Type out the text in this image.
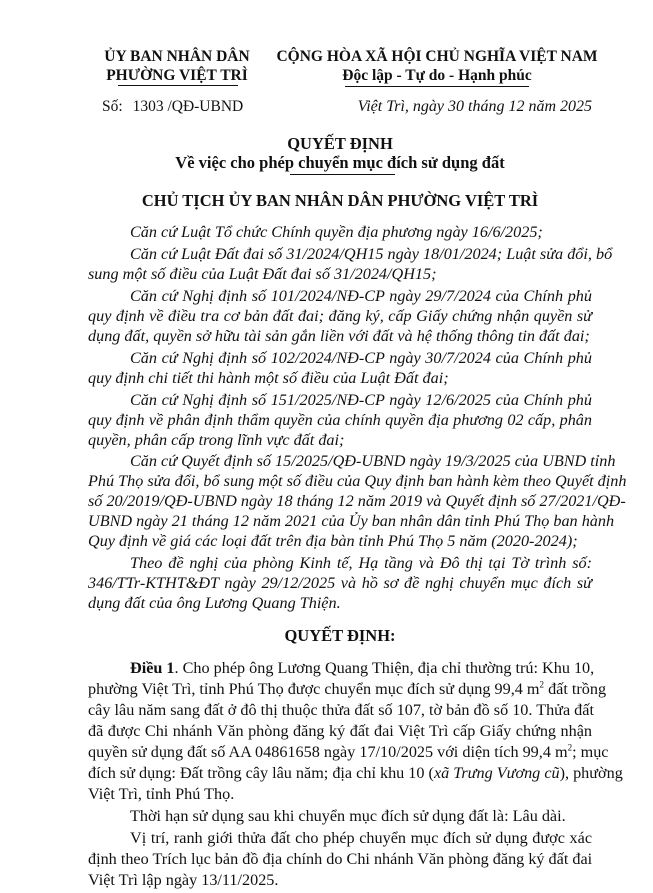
ỦY BAN NHÂN DÂN
PHƯỜNG VIỆT TRÌ
CỘNG HÒA XÃ HỘI CHỦ NGHĨA VIỆT NAM
Độc lập - Tự do - Hạnh phúc
Số: 1303 /QĐ-UBND	Việt Trì, ngày 30 tháng 12 năm 2025
QUYẾT ĐỊNH
Về việc cho phép chuyển mục đích sử dụng đất
CHỦ TỊCH ỦY BAN NHÂN DÂN PHƯỜNG VIỆT TRÌ
Căn cứ Luật Tổ chức Chính quyền địa phương ngày 16/6/2025;
Căn cứ Luật Đất đai số 31/2024/QH15 ngày 18/01/2024; Luật sửa đổi, bổ
sung một số điều của Luật Đất đai số 31/2024/QH15;
Căn cứ Nghị định số 101/2024/NĐ-CP ngày 29/7/2024 của Chính phủ
quy định về điều tra cơ bản đất đai; đăng ký, cấp Giấy chứng nhận quyền sử
dụng đất, quyền sở hữu tài sản gắn liền với đất và hệ thống thông tin đất đai;
Căn cứ Nghị định số 102/2024/NĐ-CP ngày 30/7/2024 của Chính phủ
quy định chi tiết thi hành một số điều của Luật Đất đai;
Căn cứ Nghị định số 151/2025/NĐ-CP ngày 12/6/2025 của Chính phủ
quy định về phân định thẩm quyền của chính quyền địa phương 02 cấp, phân
quyền, phân cấp trong lĩnh vực đất đai;
Căn cứ Quyết định số 15/2025/QĐ-UBND ngày 19/3/2025 của UBND tỉnh
Phú Thọ sửa đổi, bổ sung một số điều của Quy định ban hành kèm theo Quyết định
số 20/2019/QĐ-UBND ngày 18 tháng 12 năm 2019 và Quyết định số 27/2021/QĐ-
UBND ngày 21 tháng 12 năm 2021 của Ủy ban nhân dân tỉnh Phú Thọ ban hành
Quy định về giá các loại đất trên địa bàn tỉnh Phú Thọ 5 năm (2020-2024);
Theo đề nghị của phòng Kinh tế, Hạ tầng và Đô thị tại Tờ trình số:
346/TTr-KTHT&ĐT ngày 29/12/2025 và hồ sơ đề nghị chuyển mục đích sử
dụng đất của ông Lương Quang Thiện.
QUYẾT ĐỊNH:
Điều 1. Cho phép ông Lương Quang Thiện, địa chỉ thường trú: Khu 10,
phường Việt Trì, tỉnh Phú Thọ được chuyển mục đích sử dụng 99,4 $m^2$ đất trồng
cây lâu năm sang đất ở đô thị thuộc thửa đất số 107, tờ bản đồ số 10. Thửa đất
đã được Chi nhánh Văn phòng đăng ký đất đai Việt Trì cấp Giấy chứng nhận
quyền sử dụng đất số AA 04861658 ngày 17/10/2025 với diện tích 99,4 $m^2$; mục
đích sử dụng: Đất trồng cây lâu năm; địa chỉ khu 10 (xã Trưng Vương cũ), phường
Việt Trì, tỉnh Phú Thọ.
Thời hạn sử dụng sau khi chuyển mục đích sử dụng đất là: Lâu dài.
Vị trí, ranh giới thửa đất cho phép chuyển mục đích sử dụng được xác
định theo Trích lục bản đồ địa chính do Chi nhánh Văn phòng đăng ký đất đai
Việt Trì lập ngày 13/11/2025.
